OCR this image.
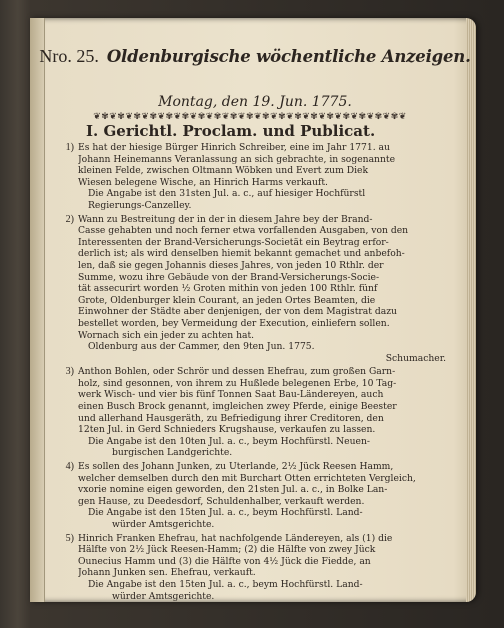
Nro. 25. Oldenburgische wöchentliche Anzeigen.
Montag, den 19. Jun. 1775.
❦✾❦✾❦✾❦✾❦✾❦✾❦✾❦✾❦✾❦✾❦✾❦✾❦✾❦✾❦✾❦✾❦✾❦✾❦✾❦
I. Gerichtl. Proclam. und Publicat.
1) Es hat der hiesige Bürger Hinrich Schreiber, eine im Jahr 1771. au
Johann Heinemanns Veranlassung an sich gebrachte, in sogenannte
kleinen Felde, zwischen Oltmann Wöbken und Evert zum Diek
Wiesen belegene Wische, an Hinrich Harms verkauft.
Die Angabe ist den 31sten Jul. a. c., auf hiesiger Hochfürstl
Regierungs-Canzelley.
2) Wann zu Bestreitung der in der in diesem Jahre bey der Brand-
Casse gehabten und noch ferner etwa vorfallenden Ausgaben, von den
Interessenten der Brand-Versicherungs-Societät ein Beytrag erfor-
derlich ist; als wird denselben hiemit bekannt gemachet und anbefoh-
len, daß sie gegen Johannis dieses Jahres, von jeden 10 Rthlr. der
Summe, wozu ihre Gebäude von der Brand-Versicherungs-Socie-
tät assecurirt worden ½ Groten mithin von jeden 100 Rthlr. fünf
Grote, Oldenburger klein Courant, an jeden Ortes Beamten, die
Einwohner der Städte aber denjenigen, der von dem Magistrat dazu
bestellet worden, bey Vermeidung der Execution, einliefern sollen.
Wornach sich ein jeder zu achten hat.
Oldenburg aus der Cammer, den 9ten Jun. 1775.
Schumacher.
3) Anthon Bohlen, oder Schrör und dessen Ehefrau, zum großen Garn-
holz, sind gesonnen, von ihrem zu Hußlede belegenen Erbe, 10 Tag-
werk Wisch- und vier bis fünf Tonnen Saat Bau-Ländereyen, auch
einen Busch Brock genannt, imgleichen zwey Pferde, einige Beester
und allerhand Hausgeräth, zu Befriedigung ihrer Creditoren, den
12ten Jul. in Gerd Schnieders Krugshause, verkaufen zu lassen.
Die Angabe ist den 10ten Jul. a. c., beym Hochfürstl. Neuen-
burgischen Landgerichte.
4) Es sollen des Johann Junken, zu Uterlande, 2½ Jück Reesen Hamm,
welcher demselben durch den mit Burchart Otten errichteten Vergleich,
vxorie nomine eigen geworden, den 21sten Jul. a. c., in Bolke Lan-
gen Hause, zu Deedesdorf, Schuldenhalber, verkauft werden.
Die Angabe ist den 15ten Jul. a. c., beym Hochfürstl. Land-
würder Amtsgerichte.
5) Hinrich Franken Ehefrau, hat nachfolgende Ländereyen, als (1) die
Hälfte von 2½ Jück Reesen-Hamm; (2) die Hälfte von zwey Jück
Ounecius Hamm und (3) die Hälfte von 4½ Jück die Fiedde, an
Johann Junken sen. Ehefrau, verkauft.
Die Angabe ist den 15ten Jul. a. c., beym Hochfürstl. Land-
würder Amtsgerichte.
